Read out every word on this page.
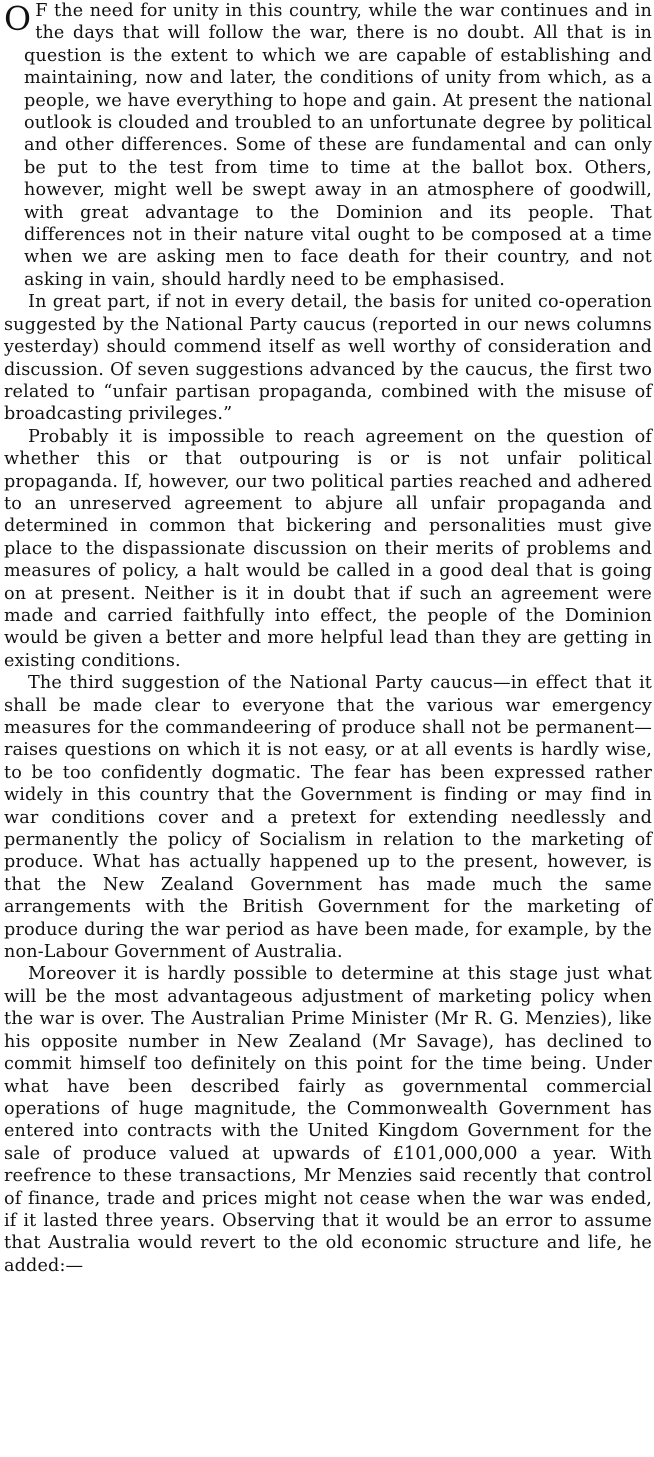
O F the need for unity in this country, while the war continues and in the days that will follow the war, there is no doubt. All that is in question is the extent to which we are capable of establishing and maintaining, now and later, the conditions of unity from which, as a people, we have everything to hope and gain. At present the national outlook is clouded and troubled to an unfortunate degree by political and other differences. Some of these are fundamental and can only be put to the test from time to time at the ballot box. Others, however, might well be swept away in an atmosphere of goodwill, with great advantage to the Dominion and its people. That differences not in their nature vital ought to be composed at a time when we are asking men to face death for their country, and not asking in vain, should hardly need to be emphasised.

In great part, if not in every detail, the basis for united co-operation suggested by the National Party caucus (reported in our news columns yesterday) should commend itself as well worthy of consideration and discussion. Of seven suggestions advanced by the caucus, the first two related to “unfair partisan propaganda, combined with the misuse of broadcasting privileges.”

Probably it is impossible to reach agreement on the question of whether this or that outpouring is or is not unfair political propaganda. If, however, our two political parties reached and adhered to an unreserved agreement to abjure all unfair propaganda and determined in common that bickering and personalities must give place to the dispassionate discussion on their merits of problems and measures of policy, a halt would be called in a good deal that is going on at present. Neither is it in doubt that if such an agreement were made and carried faithfully into effect, the people of the Dominion would be given a better and more helpful lead than they are getting in existing conditions.

The third suggestion of the National Party caucus—in effect that it shall be made clear to everyone that the various war emergency measures for the commandeering of produce shall not be permanent—raises questions on which it is not easy, or at all events is hardly wise, to be too confidently dogmatic. The fear has been expressed rather widely in this country that the Government is finding or may find in war conditions cover and a pretext for extending needlessly and permanently the policy of Socialism in relation to the marketing of produce. What has actually happened up to the present, however, is that the New Zealand Government has made much the same arrangements with the British Government for the marketing of produce during the war period as have been made, for example, by the non-Labour Government of Australia.

Moreover it is hardly possible to determine at this stage just what will be the most advantageous adjustment of marketing policy when the war is over. The Australian Prime Minister (Mr R. G. Menzies), like his opposite number in New Zealand (Mr Savage), has declined to commit himself too definitely on this point for the time being. Under what have been described fairly as governmental commercial operations of huge magnitude, the Commonwealth Government has entered into contracts with the United Kingdom Government for the sale of produce valued at upwards of £101,000,000 a year. With reefrence to these transactions, Mr Menzies said recently that control of finance, trade and prices might not cease when the war was ended, if it lasted three years. Observing that it would be an error to assume that Australia would revert to the old economic structure and life, he added:—
